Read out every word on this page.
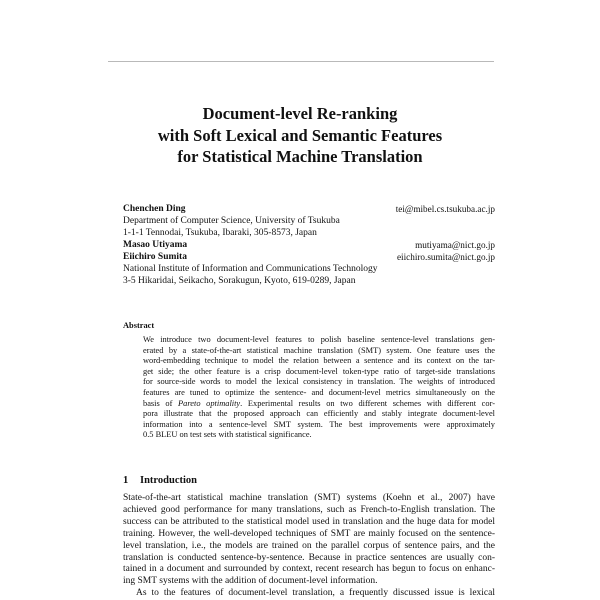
Document-level Re-ranking
with Soft Lexical and Semantic Features
for Statistical Machine Translation
Chenchen Ding	tei@mibel.cs.tsukuba.ac.jp
Department of Computer Science, University of Tsukuba
1-1-1 Tennodai, Tsukuba, Ibaraki, 305-8573, Japan
Masao Utiyama	mutiyama@nict.go.jp
Eiichiro Sumita	eiichiro.sumita@nict.go.jp
National Institute of Information and Communications Technology
3-5 Hikaridai, Seikacho, Sorakugun, Kyoto, 619-0289, Japan
Abstract
We introduce two document-level features to polish baseline sentence-level translations gen-
erated by a state-of-the-art statistical machine translation (SMT) system. One feature uses the
word-embedding technique to model the relation between a sentence and its context on the tar-
get side; the other feature is a crisp document-level token-type ratio of target-side translations
for source-side words to model the lexical consistency in translation. The weights of introduced
features are tuned to optimize the sentence- and document-level metrics simultaneously on the
basis of Pareto optimality. Experimental results on two different schemes with different cor-
pora illustrate that the proposed approach can efficiently and stably integrate document-level
information into a sentence-level SMT system. The best improvements were approximately
0.5 BLEU on test sets with statistical significance.
1 Introduction
State-of-the-art statistical machine translation (SMT) systems (Koehn et al., 2007) have
achieved good performance for many translations, such as French-to-English translation. The
success can be attributed to the statistical model used in translation and the huge data for model
training. However, the well-developed techniques of SMT are mainly focused on the sentence-
level translation, i.e., the models are trained on the parallel corpus of sentence pairs, and the
translation is conducted sentence-by-sentence. Because in practice sentences are usually con-
tained in a document and surrounded by context, recent research has begun to focus on enhanc-
ing SMT systems with the addition of document-level information.
As to the features of document-level translation, a frequently discussed issue is lexical
